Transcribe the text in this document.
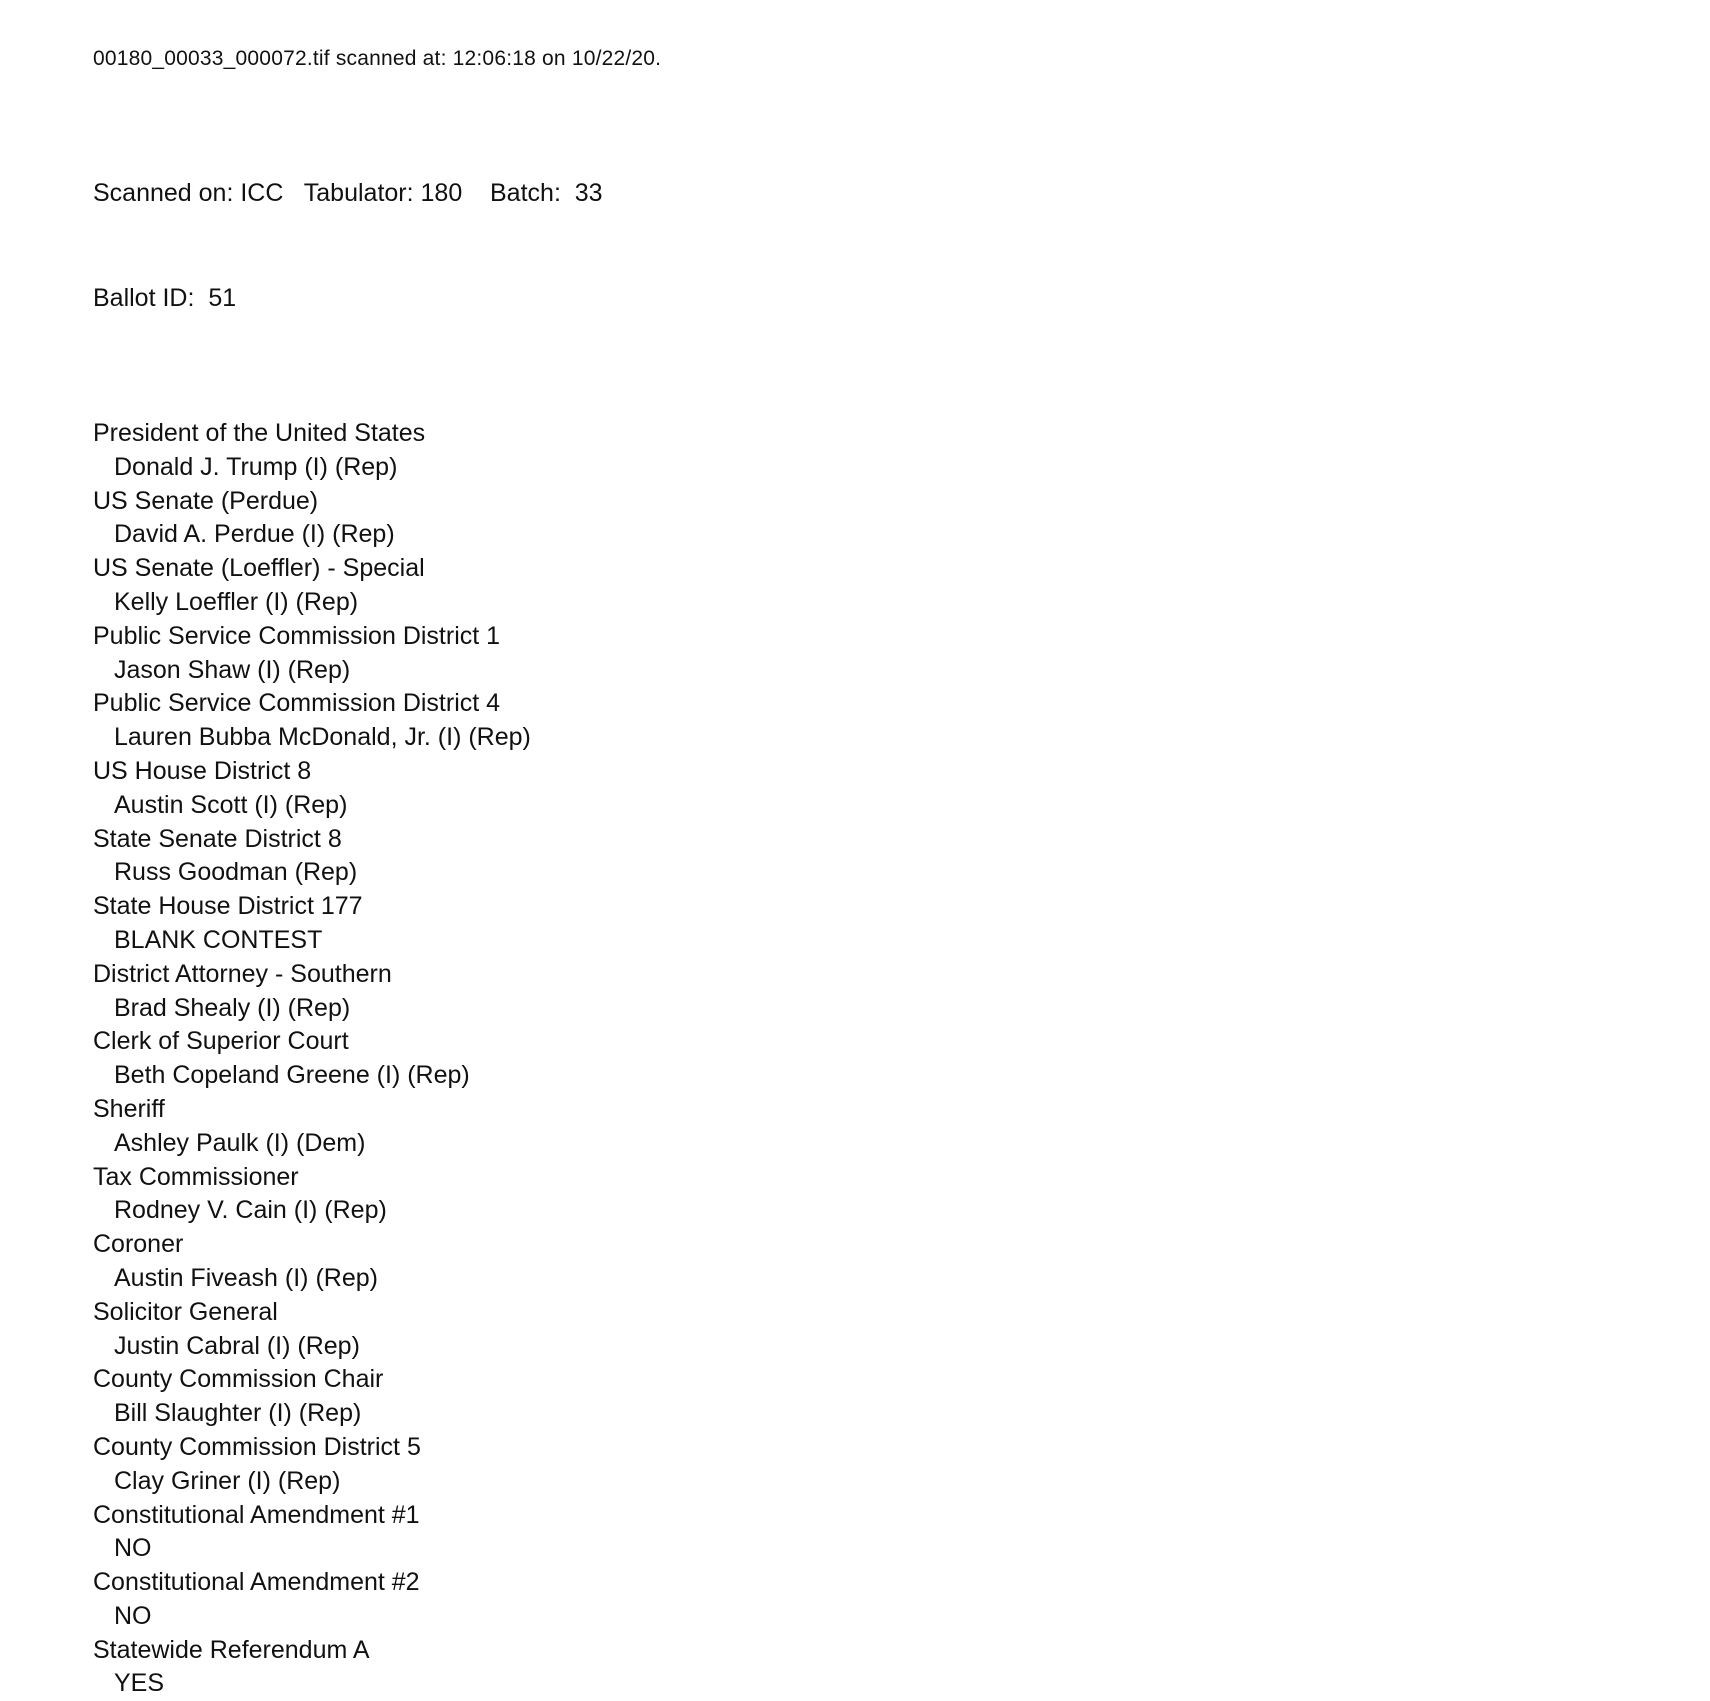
00180_00033_000072.tif scanned at: 12:06:18 on 10/22/20.

Scanned on: ICC   Tabulator: 180    Batch:  33

Ballot ID:  51

President of the United States
Donald J. Trump (I) (Rep)
US Senate (Perdue)
David A. Perdue (I) (Rep)
US Senate (Loeffler) - Special
Kelly Loeffler (I) (Rep)
Public Service Commission District 1
Jason Shaw (I) (Rep)
Public Service Commission District 4
Lauren Bubba McDonald, Jr. (I) (Rep)
US House District 8
Austin Scott (I) (Rep)
State Senate District 8
Russ Goodman (Rep)
State House District 177
BLANK CONTEST
District Attorney - Southern
Brad Shealy (I) (Rep)
Clerk of Superior Court
Beth Copeland Greene (I) (Rep)
Sheriff
Ashley Paulk (I) (Dem)
Tax Commissioner
Rodney V. Cain (I) (Rep)
Coroner
Austin Fiveash (I) (Rep)
Solicitor General
Justin Cabral (I) (Rep)
County Commission Chair
Bill Slaughter (I) (Rep)
County Commission District 5
Clay Griner (I) (Rep)
Constitutional Amendment #1
NO
Constitutional Amendment #2
NO
Statewide Referendum A
YES
